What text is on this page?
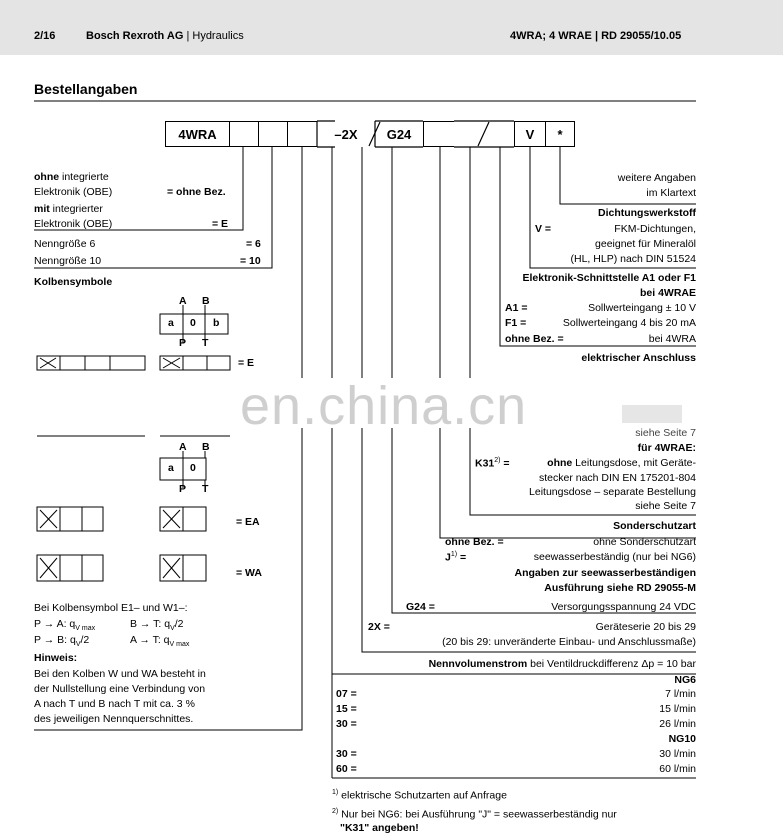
2/16	Bosch Rexroth AG | Hydraulics	4WRA; 4 WRAE | RD 29055/10.05
Bestellangaben
4WRA	–2X	G24	V	*
ohne integrierte
Elektronik (OBE)	= ohne Bez.
mit integrierter
Elektronik (OBE)	= E
Nenngröße 6	= 6
Nenngröße 10	= 10
Kolbensymbole
A B
a 0 b
P T
= E
A B
a 0
P T
= EA
= WA
Bei Kolbensymbol E1– und W1–:
P → A: $q_{V max}$	B → T: $q_V/2$
P → B: $q_V/2$	A → T: $q_{V max}$
Hinweis:
Bei den Kolben W und WA besteht in
der Nullstellung eine Verbindung von
A nach T und B nach T mit ca. 3 %
des jeweiligen Nennquerschnittes.
weitere Angaben
im Klartext
Dichtungswerkstoff
V =	FKM-Dichtungen,
geeignet für Mineralöl
(HL, HLP) nach DIN 51524
Elektronik-Schnittstelle A1 oder F1
bei 4WRAE
A1 =	Sollwerteingang ± 10 V
F1 =	Sollwerteingang 4 bis 20 mA
ohne Bez. =	bei 4WRA
elektrischer Anschluss
en.china.cn	siehe Seite 7
für 4WRAE:
$K31^{2)}$ =	ohne Leitungsdose, mit Geräte-
stecker nach DIN EN 175201-804
Leitungsdose – separate Bestellung
siehe Seite 7
Sonderschutzart
ohne Bez. =	ohne Sonderschutzart
$J^{1)}$ =	seewasserbeständig (nur bei NG6)
Angaben zur seewasserbeständigen
Ausführung siehe RD 29055-M
G24 =	Versorgungsspannung 24 VDC
2X =	Geräteserie 20 bis 29
(20 bis 29: unveränderte Einbau- und Anschlussmaße)
Nennvolumenstrom bei Ventildruckdifferenz Δp = 10 bar
NG6
07 =	7 l/min
15 =	15 l/min
30 =	26 l/min
NG10
30 =	30 l/min
60 =	60 l/min
$^{1)}$ elektrische Schutzarten auf Anfrage
$^{2)}$ Nur bei NG6: bei Ausführung "J" = seewasserbeständig nur
"K31" angeben!
